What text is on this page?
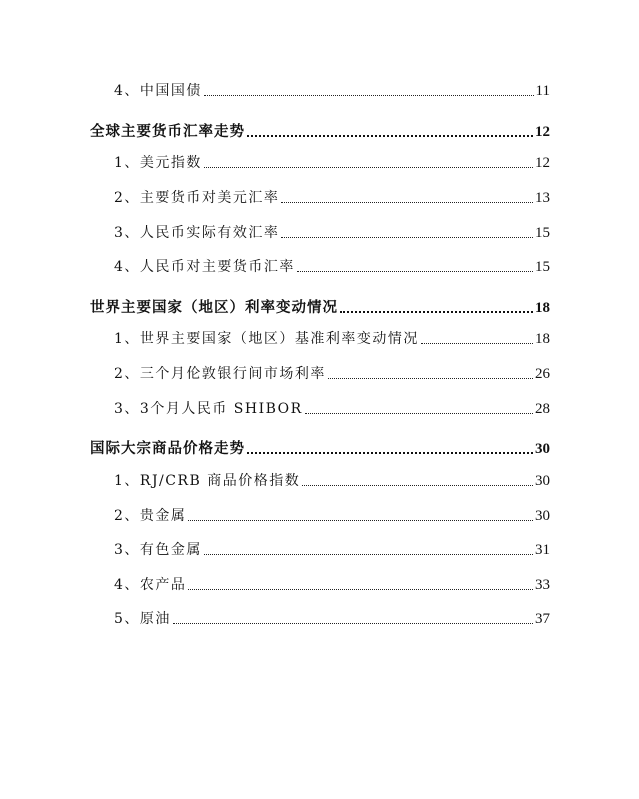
4、中国国债	11
全球主要货币汇率走势	12
1、美元指数	12
2、主要货币对美元汇率	13
3、人民币实际有效汇率	15
4、人民币对主要货币汇率	15
世界主要国家（地区）利率变动情况	18
1、世界主要国家（地区）基准利率变动情况	18
2、三个月伦敦银行间市场利率	26
3、3个月人民币 SHIBOR	28
国际大宗商品价格走势	30
1、RJ/CRB 商品价格指数	30
2、贵金属	30
3、有色金属	31
4、农产品	33
5、原油	37
